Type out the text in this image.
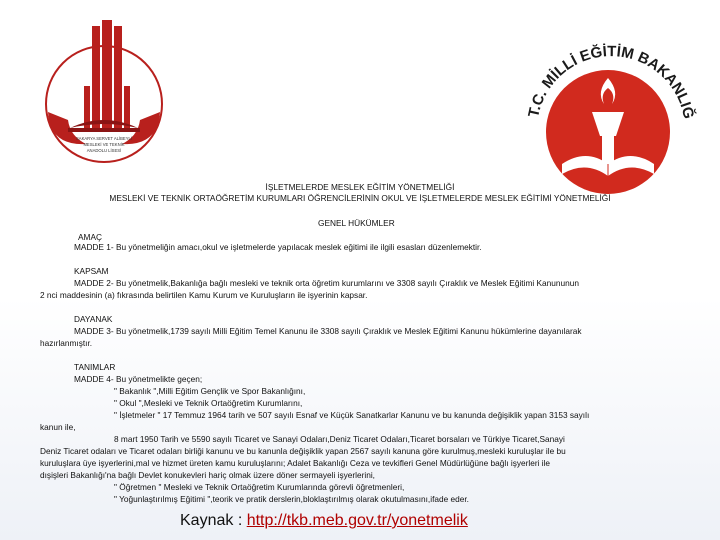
SAKARYA SERVET ALİBEYLİ
MESLEKİ VE TEKNİK
ANADOLU LİSESİ
T.C. MİLLİ EĞİTİM BAKANLIĞ
İŞLETMELERDE MESLEK EĞİTİM YÖNETMELİĞİ
MESLEKİ VE TEKNİK ORTAÖĞRETİM KURUMLARI ÖĞRENCİLERİNİN OKUL VE İŞLETMELERDE MESLEK EĞİTİMİ YÖNETMELİĞİ
GENEL HÜKÜMLER
AMAÇ
MADDE 1- Bu yönetmeliğin amacı,okul ve işletmelerde yapılacak meslek eğitimi ile ilgili esasları düzenlemektir.
KAPSAM
MADDE 2- Bu yönetmelik,Bakanlığa bağlı mesleki ve teknik orta öğretim kurumlarını ve 3308 sayılı Çıraklık ve Meslek Eğitimi Kanununun
2 nci maddesinin (a) fıkrasında belirtilen Kamu Kurum ve Kuruluşların ile işyerinin kapsar.
DAYANAK
MADDE 3- Bu yönetmelik,1739 sayılı Milli Eğitim Temel Kanunu ile 3308 sayılı Çıraklık ve Meslek Eğitimi Kanunu hükümlerine dayanılarak
hazırlanmıştır.
TANIMLAR
MADDE 4- Bu yönetmelikte geçen;
" Bakanlık ",Milli Eğitim Gençlik ve Spor Bakanlığını,
" Okul ",Mesleki ve Teknik Ortaöğretim Kurumlarını,
" İşletmeler " 17 Temmuz 1964 tarih ve 507 sayılı Esnaf ve Küçük Sanatkarlar Kanunu ve bu kanunda değişiklik yapan 3153 sayılı
kanun ile,
8 mart 1950 Tarih ve 5590 sayılı Ticaret ve Sanayi Odaları,Deniz Ticaret Odaları,Ticaret borsaları ve Türkiye Ticaret,Sanayi
Deniz Ticaret odaları ve Ticaret odaları birliği kanunu ve bu kanunla değişiklik yapan 2567 sayılı kanuna göre kurulmuş,mesleki kuruluşlar ile bu
kuruluşlara üye işyerlerini,mal ve hizmet üreten kamu kuruluşlarını; Adalet Bakanlığı Ceza ve tevkifleri Genel Müdürlüğüne bağlı işyerleri ile
dışişleri Bakanlığı'na bağlı Devlet konukevleri hariç olmak üzere döner sermayeli işyerlerini,
" Öğretmen " Mesleki ve Teknik Ortaöğretim Kurumlarında görevli öğretmenleri,
" Yoğunlaştırılmış Eğitimi ",teorik ve pratik derslerin,bloklaştırılmış olarak okutulmasını,ifade eder.
Kaynak : http://tkb.meb.gov.tr/yonetmelik
